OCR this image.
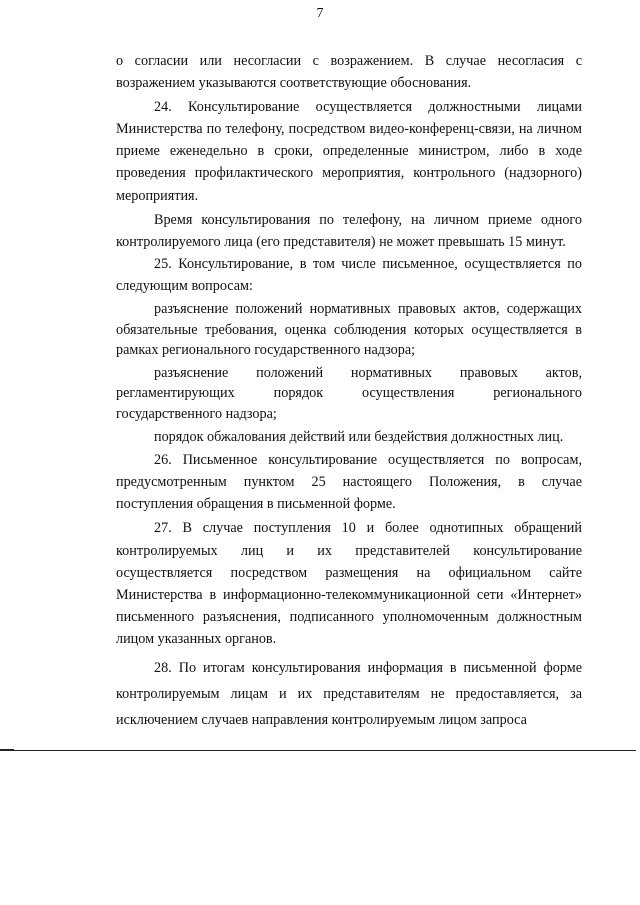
7

о согласии или несогласии с возражением. В случае несогласия с возражением указываются соответствующие обоснования.

24. Консультирование осуществляется должностными лицами Министерства по телефону, посредством видео-конференц-связи, на личном приеме еженедельно в сроки, определенные министром, либо в ходе проведения профилактического мероприятия, контрольного (надзорного) мероприятия.

Время консультирования по телефону, на личном приеме одного контролируемого лица (его представителя) не может превышать 15 минут.

25. Консультирование, в том числе письменное, осуществляется по следующим вопросам:

разъяснение положений нормативных правовых актов, содержащих обязательные требования, оценка соблюдения которых осуществляется в рамках регионального государственного надзора;

разъяснение положений нормативных правовых актов, регламентирующих порядок осуществления регионального государственного надзора;

порядок обжалования действий или бездействия должностных лиц.

26. Письменное консультирование осуществляется по вопросам, предусмотренным пунктом 25 настоящего Положения, в случае поступления обращения в письменной форме.

27. В случае поступления 10 и более однотипных обращений контролируемых лиц и их представителей консультирование осуществляется посредством размещения на официальном сайте Министерства в информационно-телекоммуникационной сети «Интернет» письменного разъяснения, подписанного уполномоченным должностным лицом указанных органов.

28. По итогам консультирования информация в письменной форме контролируемым лицам и их представителям не предоставляется, за исключением случаев направления контролируемым лицом запроса
